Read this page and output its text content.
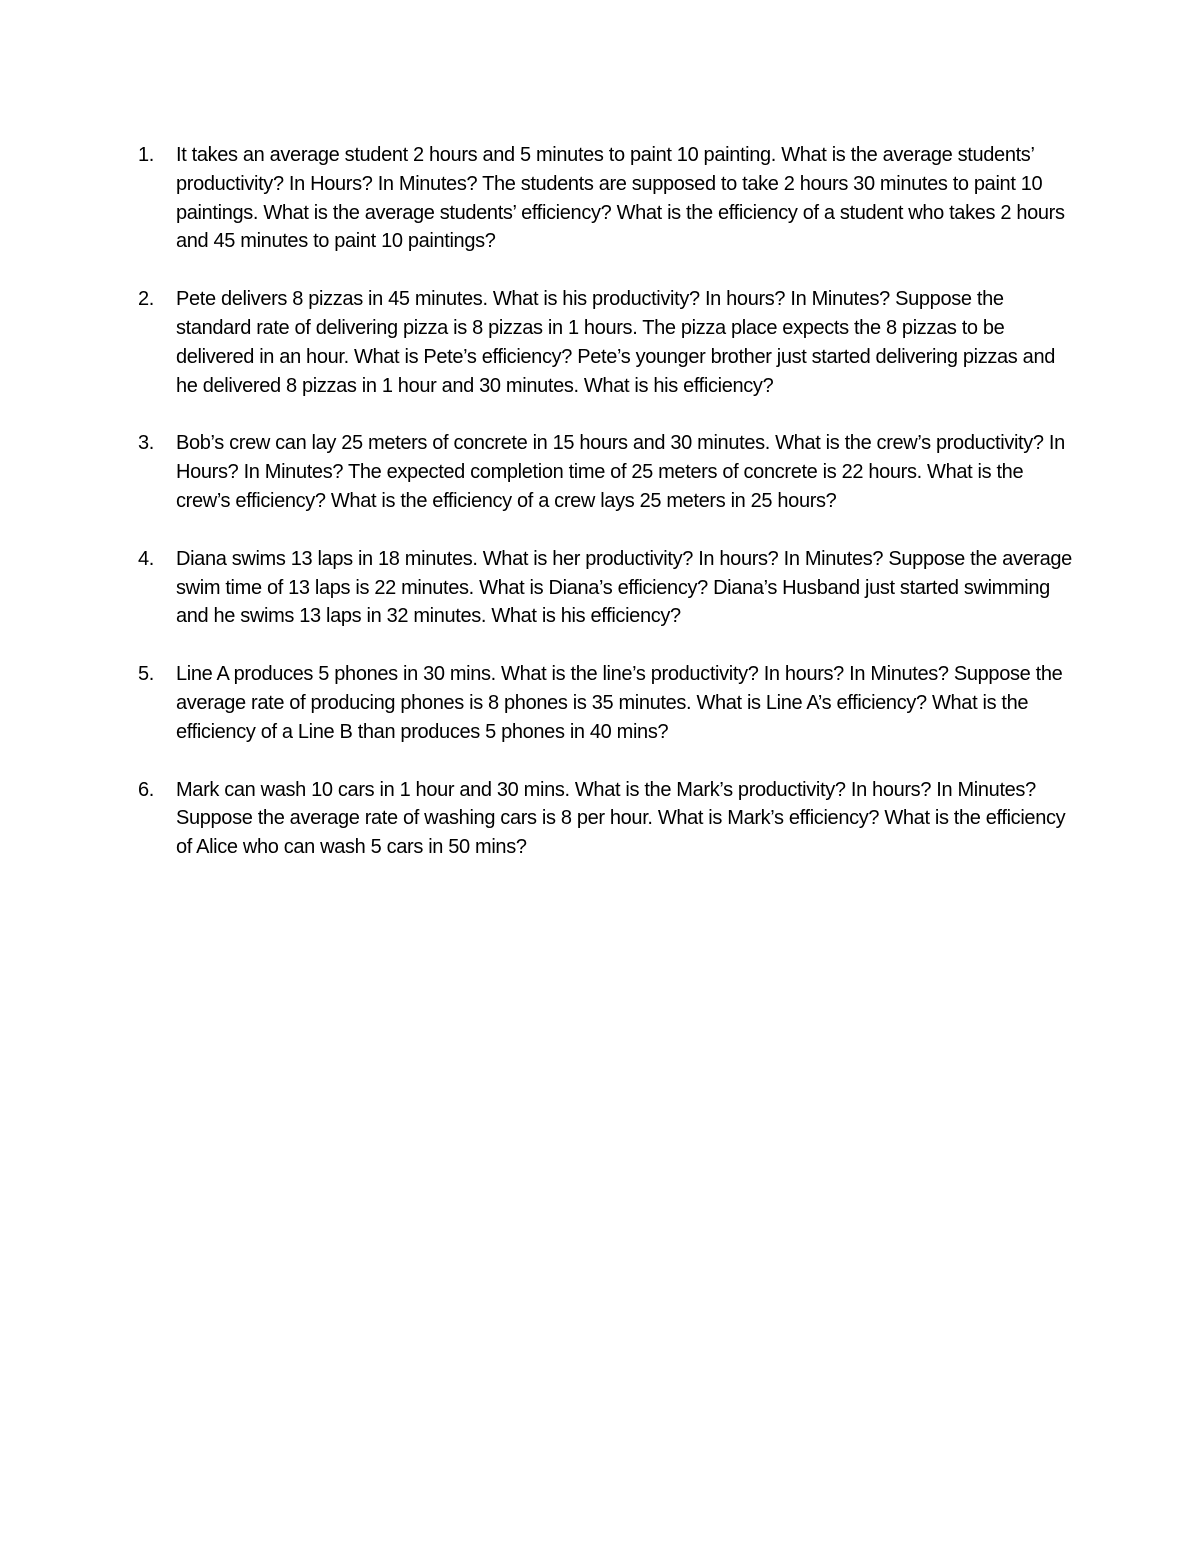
1.	It takes an average student 2 hours and 5 minutes to paint 10 painting. What is the average students’ productivity? In Hours? In Minutes? The students are supposed to take 2 hours 30 minutes to paint 10 paintings. What is the average students’ efficiency? What is the efficiency of a student who takes 2 hours and 45 minutes to paint 10 paintings?
2.	Pete delivers 8 pizzas in 45 minutes. What is his productivity? In hours? In Minutes? Suppose the standard rate of delivering pizza is 8 pizzas in 1 hours. The pizza place expects the 8 pizzas to be delivered in an hour. What is Pete’s efficiency? Pete’s younger brother just started delivering pizzas and he delivered 8 pizzas in 1 hour and 30 minutes. What is his efficiency?
3.	Bob’s crew can lay 25 meters of concrete in 15 hours and 30 minutes. What is the crew’s productivity? In Hours? In Minutes? The expected completion time of 25 meters of concrete is 22 hours. What is the crew’s efficiency? What is the efficiency of a crew lays 25 meters in 25 hours?
4.	Diana swims 13 laps in 18 minutes. What is her productivity? In hours? In Minutes? Suppose the average swim time of 13 laps is 22 minutes. What is Diana’s efficiency? Diana’s Husband just started swimming and he swims 13 laps in 32 minutes. What is his efficiency?
5.	Line A produces 5 phones in 30 mins. What is the line’s productivity? In hours? In Minutes? Suppose the average rate of producing phones is 8 phones is 35 minutes. What is Line A’s efficiency? What is the efficiency of a Line B than produces 5 phones in 40 mins?
6.	Mark can wash 10 cars in 1 hour and 30 mins. What is the Mark’s productivity? In hours? In Minutes? Suppose the average rate of washing cars is 8 per hour. What is Mark’s efficiency? What is the efficiency of Alice who can wash 5 cars in 50 mins?
